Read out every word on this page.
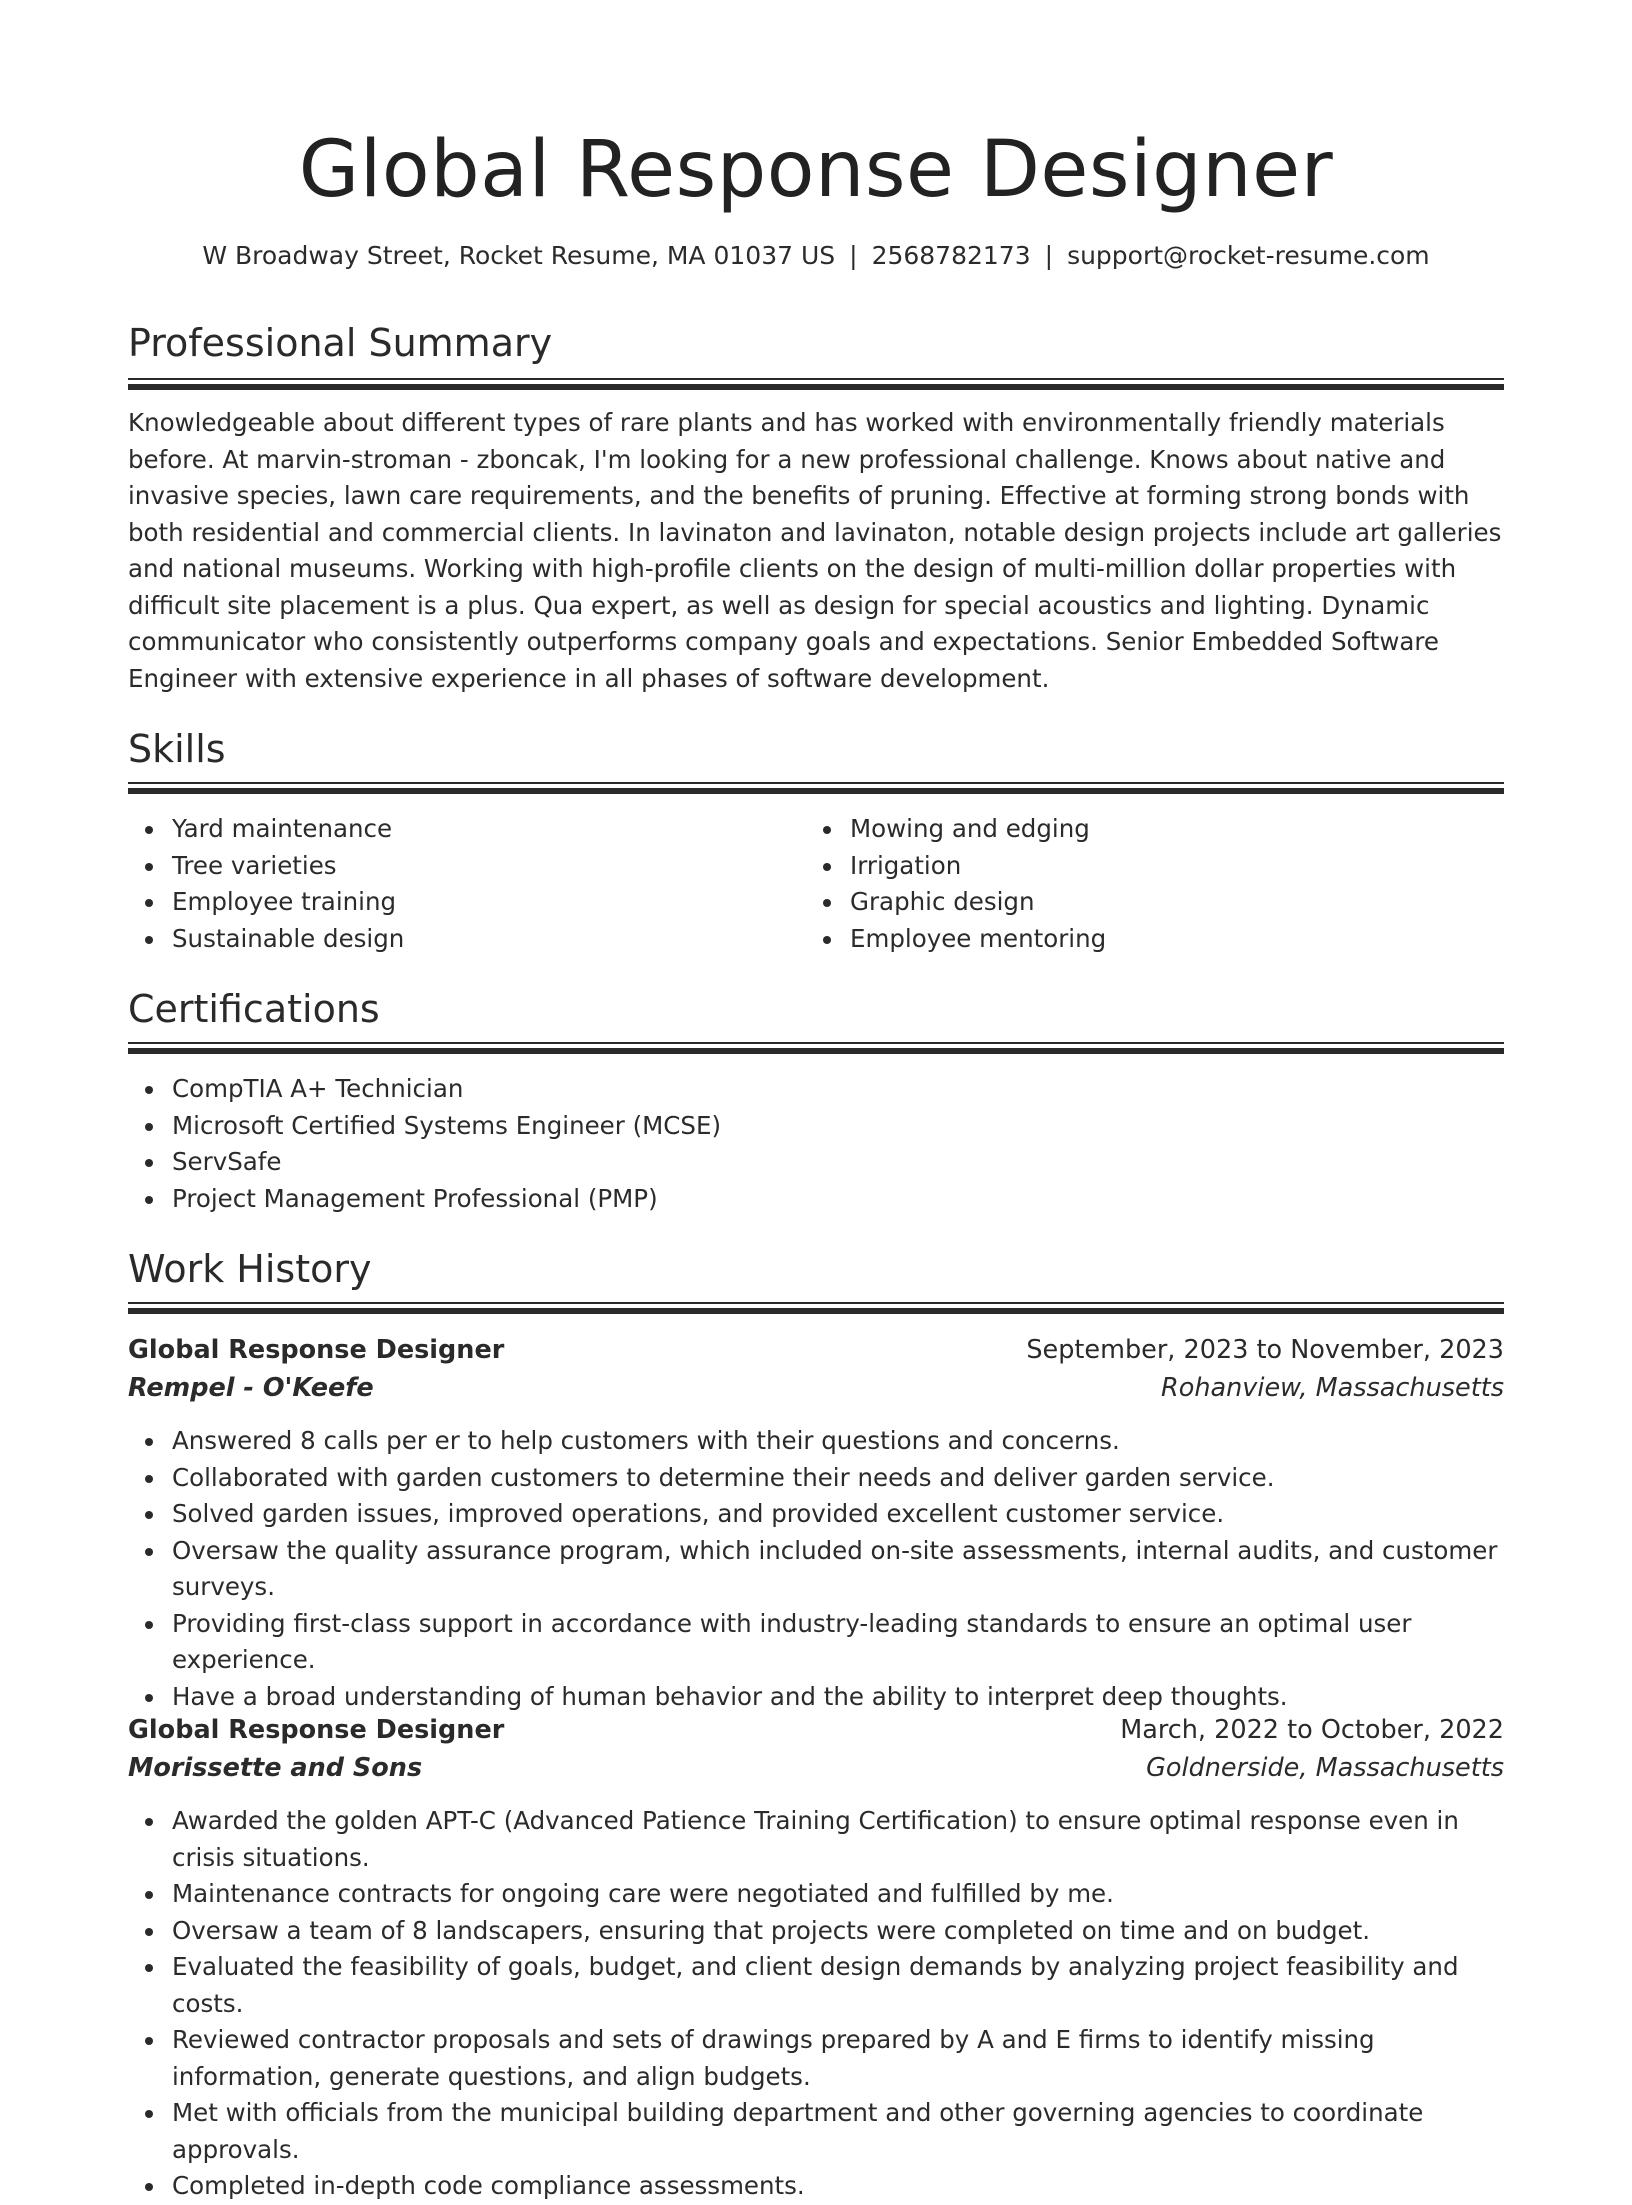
Global Response Designer
W Broadway Street, Rocket Resume, MA 01037 US | 2568782173 | support@rocket-resume.com
Professional Summary

Knowledgeable about different types of rare plants and has worked with environmentally friendly materials before. At marvin-stroman - zboncak, I'm looking for a new professional challenge. Knows about native and invasive species, lawn care requirements, and the benefits of pruning. Effective at forming strong bonds with both residential and commercial clients. In lavinaton and lavinaton, notable design projects include art galleries and national museums. Working with high-profile clients on the design of multi-million dollar properties with difficult site placement is a plus. Qua expert, as well as design for special acoustics and lighting. Dynamic communicator who consistently outperforms company goals and expectations. Senior Embedded Software Engineer with extensive experience in all phases of software development.

Skills
Yard maintenance
Tree varieties
Employee training
Sustainable design
Mowing and edging
Irrigation
Graphic design
Employee mentoring
Certifications
CompTIA A+ Technician
Microsoft Certified Systems Engineer (MCSE)
ServSafe
Project Management Professional (PMP)
Work History
Global Response Designer	September, 2023 to November, 2023
Rempel - O'Keefe	Rohanview, Massachusetts
Answered 8 calls per er to help customers with their questions and concerns.
Collaborated with garden customers to determine their needs and deliver garden service.
Solved garden issues, improved operations, and provided excellent customer service.
Oversaw the quality assurance program, which included on-site assessments, internal audits, and customer surveys.
Providing first-class support in accordance with industry-leading standards to ensure an optimal user experience.
Have a broad understanding of human behavior and the ability to interpret deep thoughts.
Global Response Designer	March, 2022 to October, 2022
Morissette and Sons	Goldnerside, Massachusetts
Awarded the golden APT-C (Advanced Patience Training Certification) to ensure optimal response even in crisis situations.
Maintenance contracts for ongoing care were negotiated and fulfilled by me.
Oversaw a team of 8 landscapers, ensuring that projects were completed on time and on budget.
Evaluated the feasibility of goals, budget, and client design demands by analyzing project feasibility and costs.
Reviewed contractor proposals and sets of drawings prepared by A and E firms to identify missing information, generate questions, and align budgets.
Met with officials from the municipal building department and other governing agencies to coordinate approvals.
Completed in-depth code compliance assessments.
